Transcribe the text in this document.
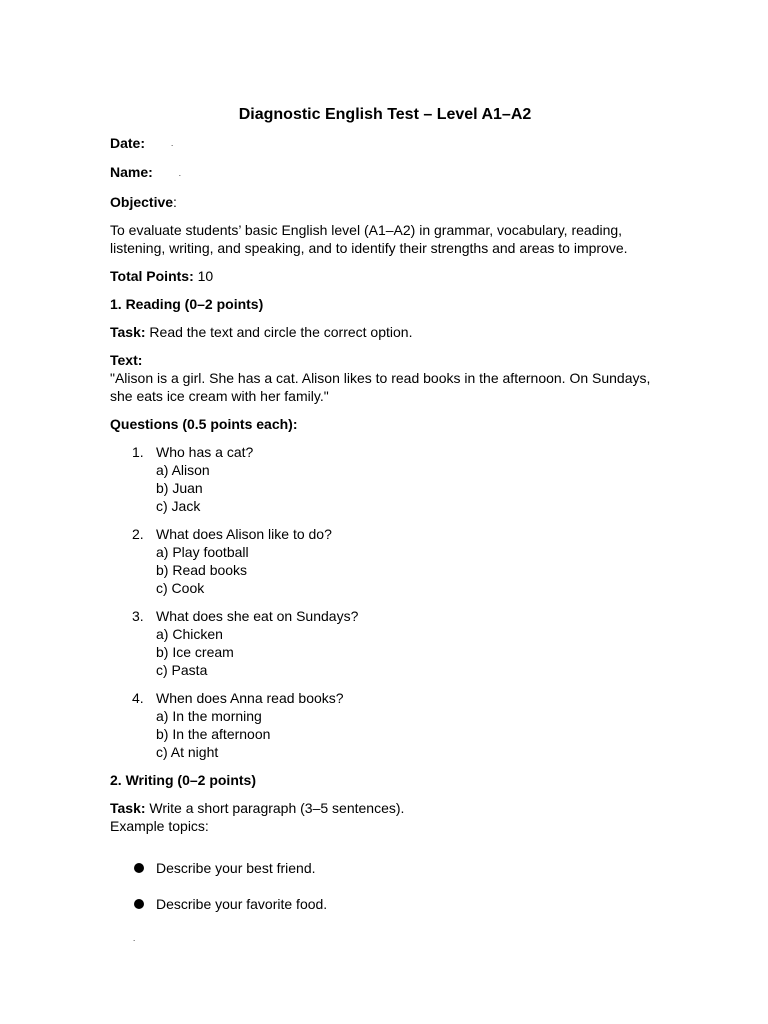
Diagnostic English Test – Level A1–A2

Date:	.

Name:	.

Objective:

To evaluate students’ basic English level (A1–A2) in grammar, vocabulary, reading, listening, writing, and speaking, and to identify their strengths and areas to improve.

Total Points: 10

1. Reading (0–2 points)

Task: Read the text and circle the correct option.

Text:
"Alison is a girl. She has a cat. Alison likes to read books in the afternoon. On Sundays, she eats ice cream with her family."

Questions (0.5 points each):

1. Who has a cat?
a) Alison
b) Juan
c) Jack
2. What does Alison like to do?
a) Play football
b) Read books
c) Cook
3. What does she eat on Sundays?
a) Chicken
b) Ice cream
c) Pasta
4. When does Anna read books?
a) In the morning
b) In the afternoon
c) At night

2. Writing (0–2 points)

Task: Write a short paragraph (3–5 sentences).
Example topics:

Describe your best friend.
Describe your favorite food.
.
